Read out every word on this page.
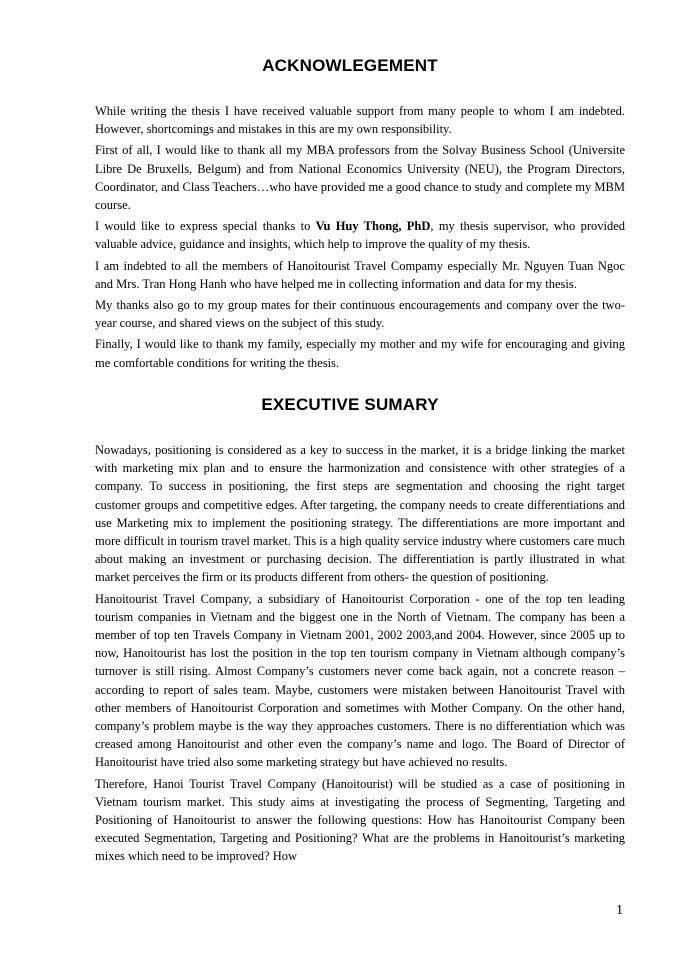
ACKNOWLEGEMENT

While writing the thesis I have received valuable support from many people to whom I am indebted. However, shortcomings and mistakes in this are my own responsibility.

First of all, I would like to thank all my MBA professors from the Solvay Business School (Universite Libre De Bruxells, Belgum) and from National Economics University (NEU), the Program Directors, Coordinator, and Class Teachers…who have provided me a good chance to study and complete my MBM course.

I would like to express special thanks to Vu Huy Thong, PhD, my thesis supervisor, who provided valuable advice, guidance and insights, which help to improve the quality of my thesis.

I am indebted to all the members of Hanoitourist Travel Compamy especially Mr. Nguyen Tuan Ngoc and Mrs. Tran Hong Hanh who have helped me in collecting information and data for my thesis.

My thanks also go to my group mates for their continuous encouragements and company over the two- year course, and shared views on the subject of this study.

Finally, I would like to thank my family, especially my mother and my wife for encouraging and giving me comfortable conditions for writing the thesis.

EXECUTIVE SUMARY

Nowadays, positioning is considered as a key to success in the market, it is a bridge linking the market with marketing mix plan and to ensure the harmonization and consistence with other strategies of a company. To success in positioning, the first steps are segmentation and choosing the right target customer groups and competitive edges. After targeting, the company needs to create differentiations and use Marketing mix to implement the positioning strategy. The differentiations are more important and more difficult in tourism travel market. This is a high quality service industry where customers care much about making an investment or purchasing decision. The differentiation is partly illustrated in what market perceives the firm or its products different from others- the question of positioning.

Hanoitourist Travel Company, a subsidiary of Hanoitourist Corporation - one of the top ten leading tourism companies in Vietnam and the biggest one in the North of Vietnam. The company has been a member of top ten Travels Company in Vietnam 2001, 2002 2003,and 2004. However, since 2005 up to now, Hanoitourist has lost the position in the top ten tourism company in Vietnam although company’s turnover is still rising. Almost Company’s customers never come back again, not a concrete reason – according to report of sales team. Maybe, customers were mistaken between Hanoitourist Travel with other members of Hanoitourist Corporation and sometimes with Mother Company. On the other hand, company’s problem maybe is the way they approaches customers. There is no differentiation which was creased among Hanoitourist and other even the company’s name and logo. The Board of Director of Hanoitourist have tried also some marketing strategy but have achieved no results.

Therefore, Hanoi Tourist Travel Company (Hanoitourist) will be studied as a case of positioning in Vietnam tourism market. This study aims at investigating the process of Segmenting, Targeting and Positioning of Hanoitourist to answer the following questions: How has Hanoitourist Company been executed Segmentation, Targeting and Positioning? What are the problems in Hanoitourist’s marketing mixes which need to be improved? How

1
